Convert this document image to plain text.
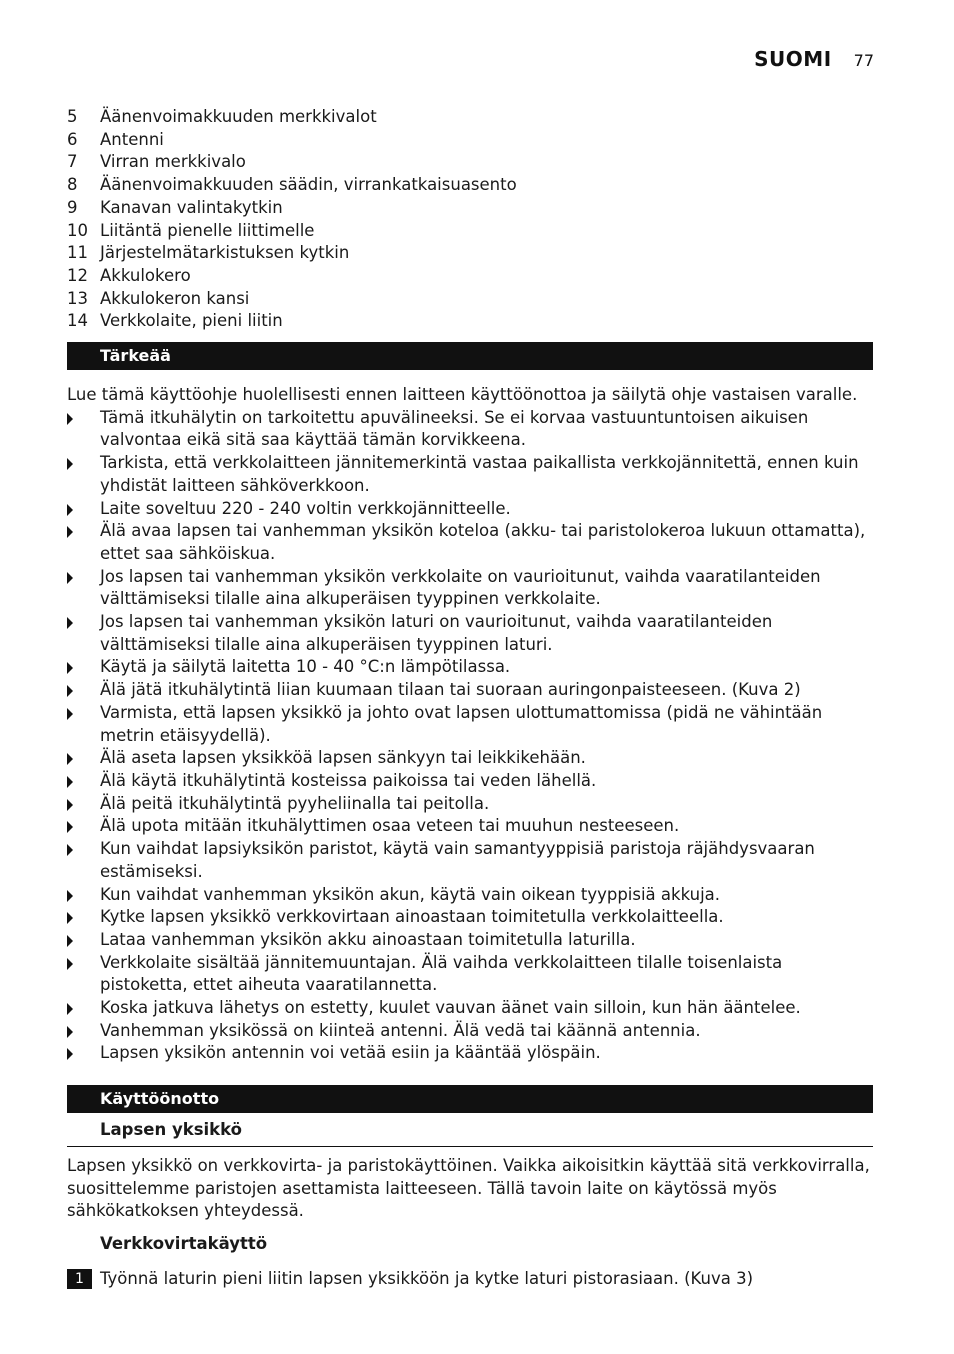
SUOMI 77
5	Äänenvoimakkuuden merkkivalot
6	Antenni
7	Virran merkkivalo
8	Äänenvoimakkuuden säädin, virrankatkaisuasento
9	Kanavan valintakytkin
10 Liitäntä pienelle liittimelle
11 Järjestelmätarkistuksen kytkin
12 Akkulokero
13 Akkulokeron kansi
14 Verkkolaite, pieni liitin
Tärkeää

Lue tämä käyttöohje huolellisesti ennen laitteen käyttöönottoa ja säilytä ohje vastaisen varalle.

Tämä itkuhälytin on tarkoitettu apuvälineeksi. Se ei korvaa vastuuntuntoisen aikuisen valvontaa eikä sitä saa käyttää tämän korvikkeena.
Tarkista, että verkkolaitteen jännitemerkintä vastaa paikallista verkkojännitettä, ennen kuin yhdistät laitteen sähköverkkoon.
Laite soveltuu 220 - 240 voltin verkkojännitteelle.
Älä avaa lapsen tai vanhemman yksikön koteloa (akku- tai paristolokeroa lukuun ottamatta), ettet saa sähköiskua.
Jos lapsen tai vanhemman yksikön verkkolaite on vaurioitunut, vaihda vaaratilanteiden välttämiseksi tilalle aina alkuperäisen tyyppinen verkkolaite.
Jos lapsen tai vanhemman yksikön laturi on vaurioitunut, vaihda vaaratilanteiden välttämiseksi tilalle aina alkuperäisen tyyppinen laturi.
Käytä ja säilytä laitetta 10 - 40 °C:n lämpötilassa.
Älä jätä itkuhälytintä liian kuumaan tilaan tai suoraan auringonpaisteeseen. (Kuva 2)
Varmista, että lapsen yksikkö ja johto ovat lapsen ulottumattomissa (pidä ne vähintään metrin etäisyydellä).
Älä aseta lapsen yksikköä lapsen sänkyyn tai leikkikehään.
Älä käytä itkuhälytintä kosteissa paikoissa tai veden lähellä.
Älä peitä itkuhälytintä pyyheliinalla tai peitolla.
Älä upota mitään itkuhälyttimen osaa veteen tai muuhun nesteeseen.
Kun vaihdat lapsiyksikön paristot, käytä vain samantyyppisiä paristoja räjähdysvaaran estämiseksi.
Kun vaihdat vanhemman yksikön akun, käytä vain oikean tyyppisiä akkuja.
Kytke lapsen yksikkö verkkovirtaan ainoastaan toimitetulla verkkolaitteella.
Lataa vanhemman yksikön akku ainoastaan toimitetulla laturilla.
Verkkolaite sisältää jännitemuuntajan. Älä vaihda verkkolaitteen tilalle toisenlaista pistoketta, ettet aiheuta vaaratilannetta.
Koska jatkuva lähetys on estetty, kuulet vauvan äänet vain silloin, kun hän ääntelee.
Vanhemman yksikössä on kiinteä antenni. Älä vedä tai käännä antennia.
Lapsen yksikön antennin voi vetää esiin ja kääntää ylöspäin.
Käyttöönotto
Lapsen yksikkö

Lapsen yksikkö on verkkovirta- ja paristokäyttöinen. Vaikka aikoisitkin käyttää sitä verkkovirralla, suosittelemme paristojen asettamista laitteeseen. Tällä tavoin laite on käytössä myös sähkökatkoksen yhteydessä.

Verkkovirtakäyttö
1 Työnnä laturin pieni liitin lapsen yksikköön ja kytke laturi pistorasiaan. (Kuva 3)
